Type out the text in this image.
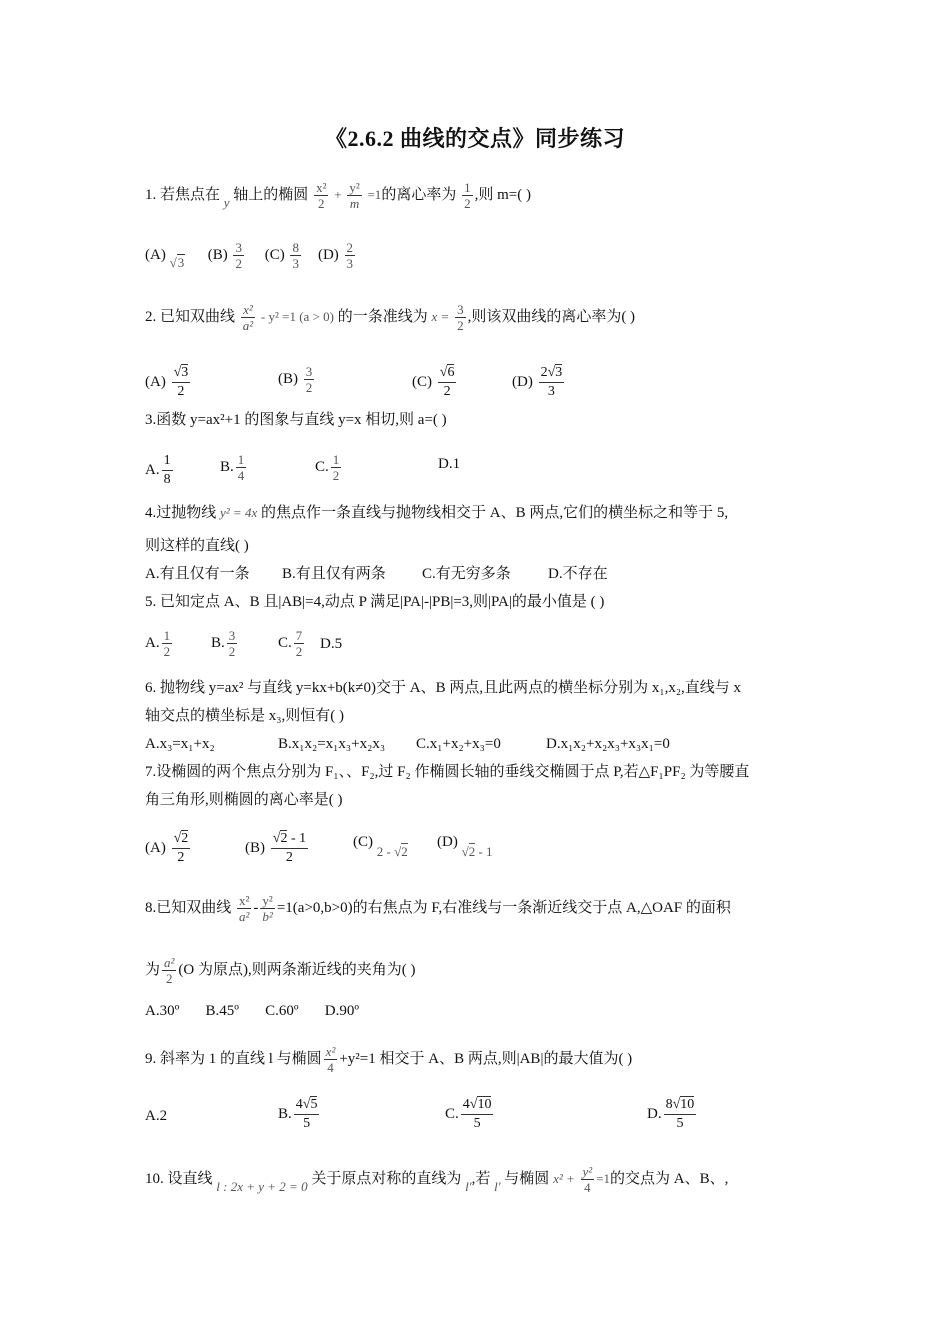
《2.6.2 曲线的交点》同步练习
1. 若焦点在 y 轴上的椭圆 $\frac{\text{x²}}{2} + \frac{\text{y²}}{m} =1$的离心率为 $\frac{1}{2}$ ,则 m=( )
(A) √3 $(B) \frac{3}{2} (C) \frac{8}{3} (D) \frac{2}{3}$
2. 已知双曲线 $\frac{\text{x²}}{\text{a²}} - y^2 =1$ (a > 0) 的一条准线为 $x = \frac{3}{2}$ ,则该双曲线的离心率为( )
$(A) \frac{√3}{2}$	$(B) \frac{3}{2}$	$(C) \frac{√6}{2}$	$(D) \frac{2√3}{3}$
3.函数 y=ax²+1 的图象与直线 y=x 相切,则 a=( )
A. $\frac{1}{8}$	B. $\frac{1}{4}$	C. $\frac{1}{2}$	D.1
4.过抛物线 y² = 4x 的焦点作一条直线与抛物线相交于 A、B 两点,它们的横坐标之和等于 5,
则这样的直线( )
A.有且仅有一条 B.有且仅有两条 C.有无穷多条 D.不存在
5. 已知定点 A、B 且|AB|=4,动点 P 满足|PA|-|PB|=3,则|PA|的最小值是 ( )
A. $\frac{1}{2}$	B. $\frac{3}{2}$	C. $\frac{7}{2} D.5$
6. 抛物线 y=ax² 与直线 y=kx+b(k≠0)交于 A、B 两点,且此两点的横坐标分别为 x₁,x₂,直线与 x
轴交点的横坐标是 x₃,则恒有( )
A.x₃=x₁+x₂	B.x₁x₂=x₁x₃+x₂x₃ C.x₁+x₂+x₃=0	D.x₁x₂+x₂x₃+x₃x₁=0
7.设椭圆的两个焦点分别为 F₁、、F₂,过 F₂ 作椭圆长轴的垂线交椭圆于点 P,若△F₁PF₂ 为等腰直
角三角形,则椭圆的离心率是( )
$(A) \frac{√2}{2}$	$(B) \frac{√2 - 1}{2}$	(C) 2 - √2
(D) √2 - 1
8.已知双曲线 $\frac{\text{x²}}{\text{a²}} - \frac{\text{y²}}{\text{b²}} =1(a>0,b>0)$的右焦点为 F,右准线与一条渐近线交于点 A,△OAF 的面积
为 $\frac{\text{a²}}{2} (O$ 为原点),则两条渐近线的夹角为( )
A.30º       B.45º       C.60º       D.90º
9. 斜率为 1 的直线 l 与椭圆 $\frac{\text{x²}}{4} +y^2=1$ 相交于 A、B 两点,则|AB|的最大值为( )
A.2	B. $\frac{4√5}{5}$	C. $\frac{4√10}{5}$	D. $\frac{8√10}{5}$
10. 设直线 l : 2x + y + 2 = 0 关于原点对称的直线为 l′,若 l′ 与椭圆 $x^2 + \frac{\text{y²}}{4} =1$的交点为 A、B、,
